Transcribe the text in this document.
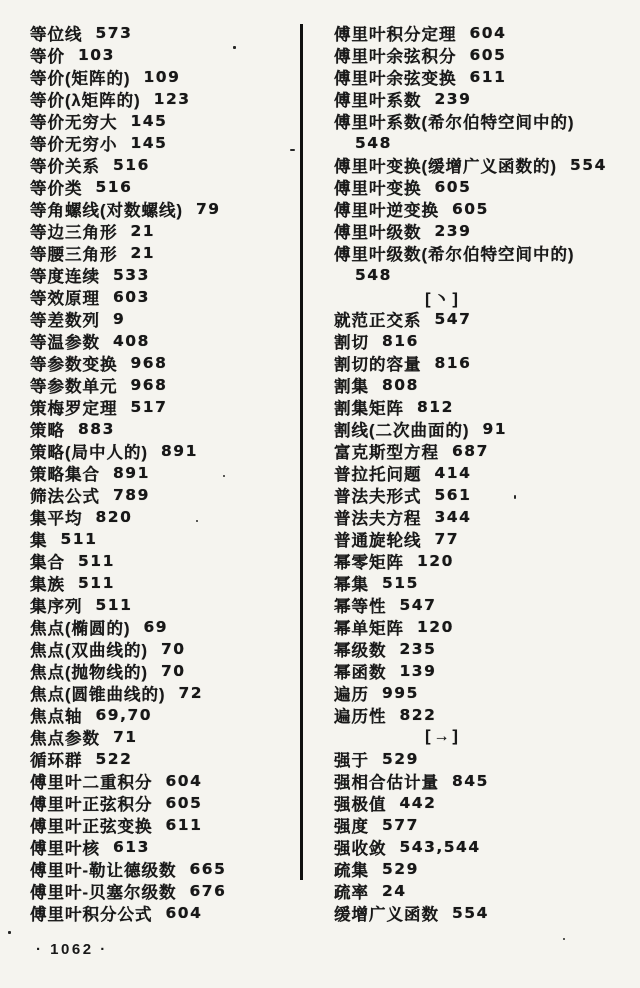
等位线 573
等价 103
等价(矩阵的) 109
等价(λ矩阵的) 123
等价无穷大 145
等价无穷小 145
等价关系 516
等价类 516
等角螺线(对数螺线) 79
等边三角形 21
等腰三角形 21
等度连续 533
等效原理 603
等差数列 9
等温参数 408
等参数变换 968
等参数单元 968
策梅罗定理 517
策略 883
策略(局中人的) 891
策略集合 891
筛法公式 789
集平均 820
集 511
集合 511
集族 511
集序列 511
焦点(椭圆的) 69
焦点(双曲线的) 70
焦点(抛物线的) 70
焦点(圆锥曲线的) 72
焦点轴 69,70
焦点参数 71
循环群 522
傅里叶二重积分 604
傅里叶正弦积分 605
傅里叶正弦变换 611
傅里叶核 613
傅里叶-勒让德级数 665
傅里叶-贝塞尔级数 676
傅里叶积分公式 604
傅里叶积分定理 604
傅里叶余弦积分 605
傅里叶余弦变换 611
傅里叶系数 239
傅里叶系数(希尔伯特空间中的)
548
傅里叶变换(缓增广义函数的) 554
傅里叶变换 605
傅里叶逆变换 605
傅里叶级数 239
傅里叶级数(希尔伯特空间中的)
548
[丶]
就范正交系 547
割切 816
割切的容量 816
割集 808
割集矩阵 812
割线(二次曲面的) 91
富克斯型方程 687
普拉托问题 414
普法夫形式 561
普法夫方程 344
普通旋轮线 77
幂零矩阵 120
幂集 515
幂等性 547
幂单矩阵 120
幂级数 235
幂函数 139
遍历 995
遍历性 822
[→]
强于 529
强相合估计量 845
强极值 442
强度 577
强收敛 543,544
疏集 529
疏率 24
缓增广义函数 554
· 1062 ·
